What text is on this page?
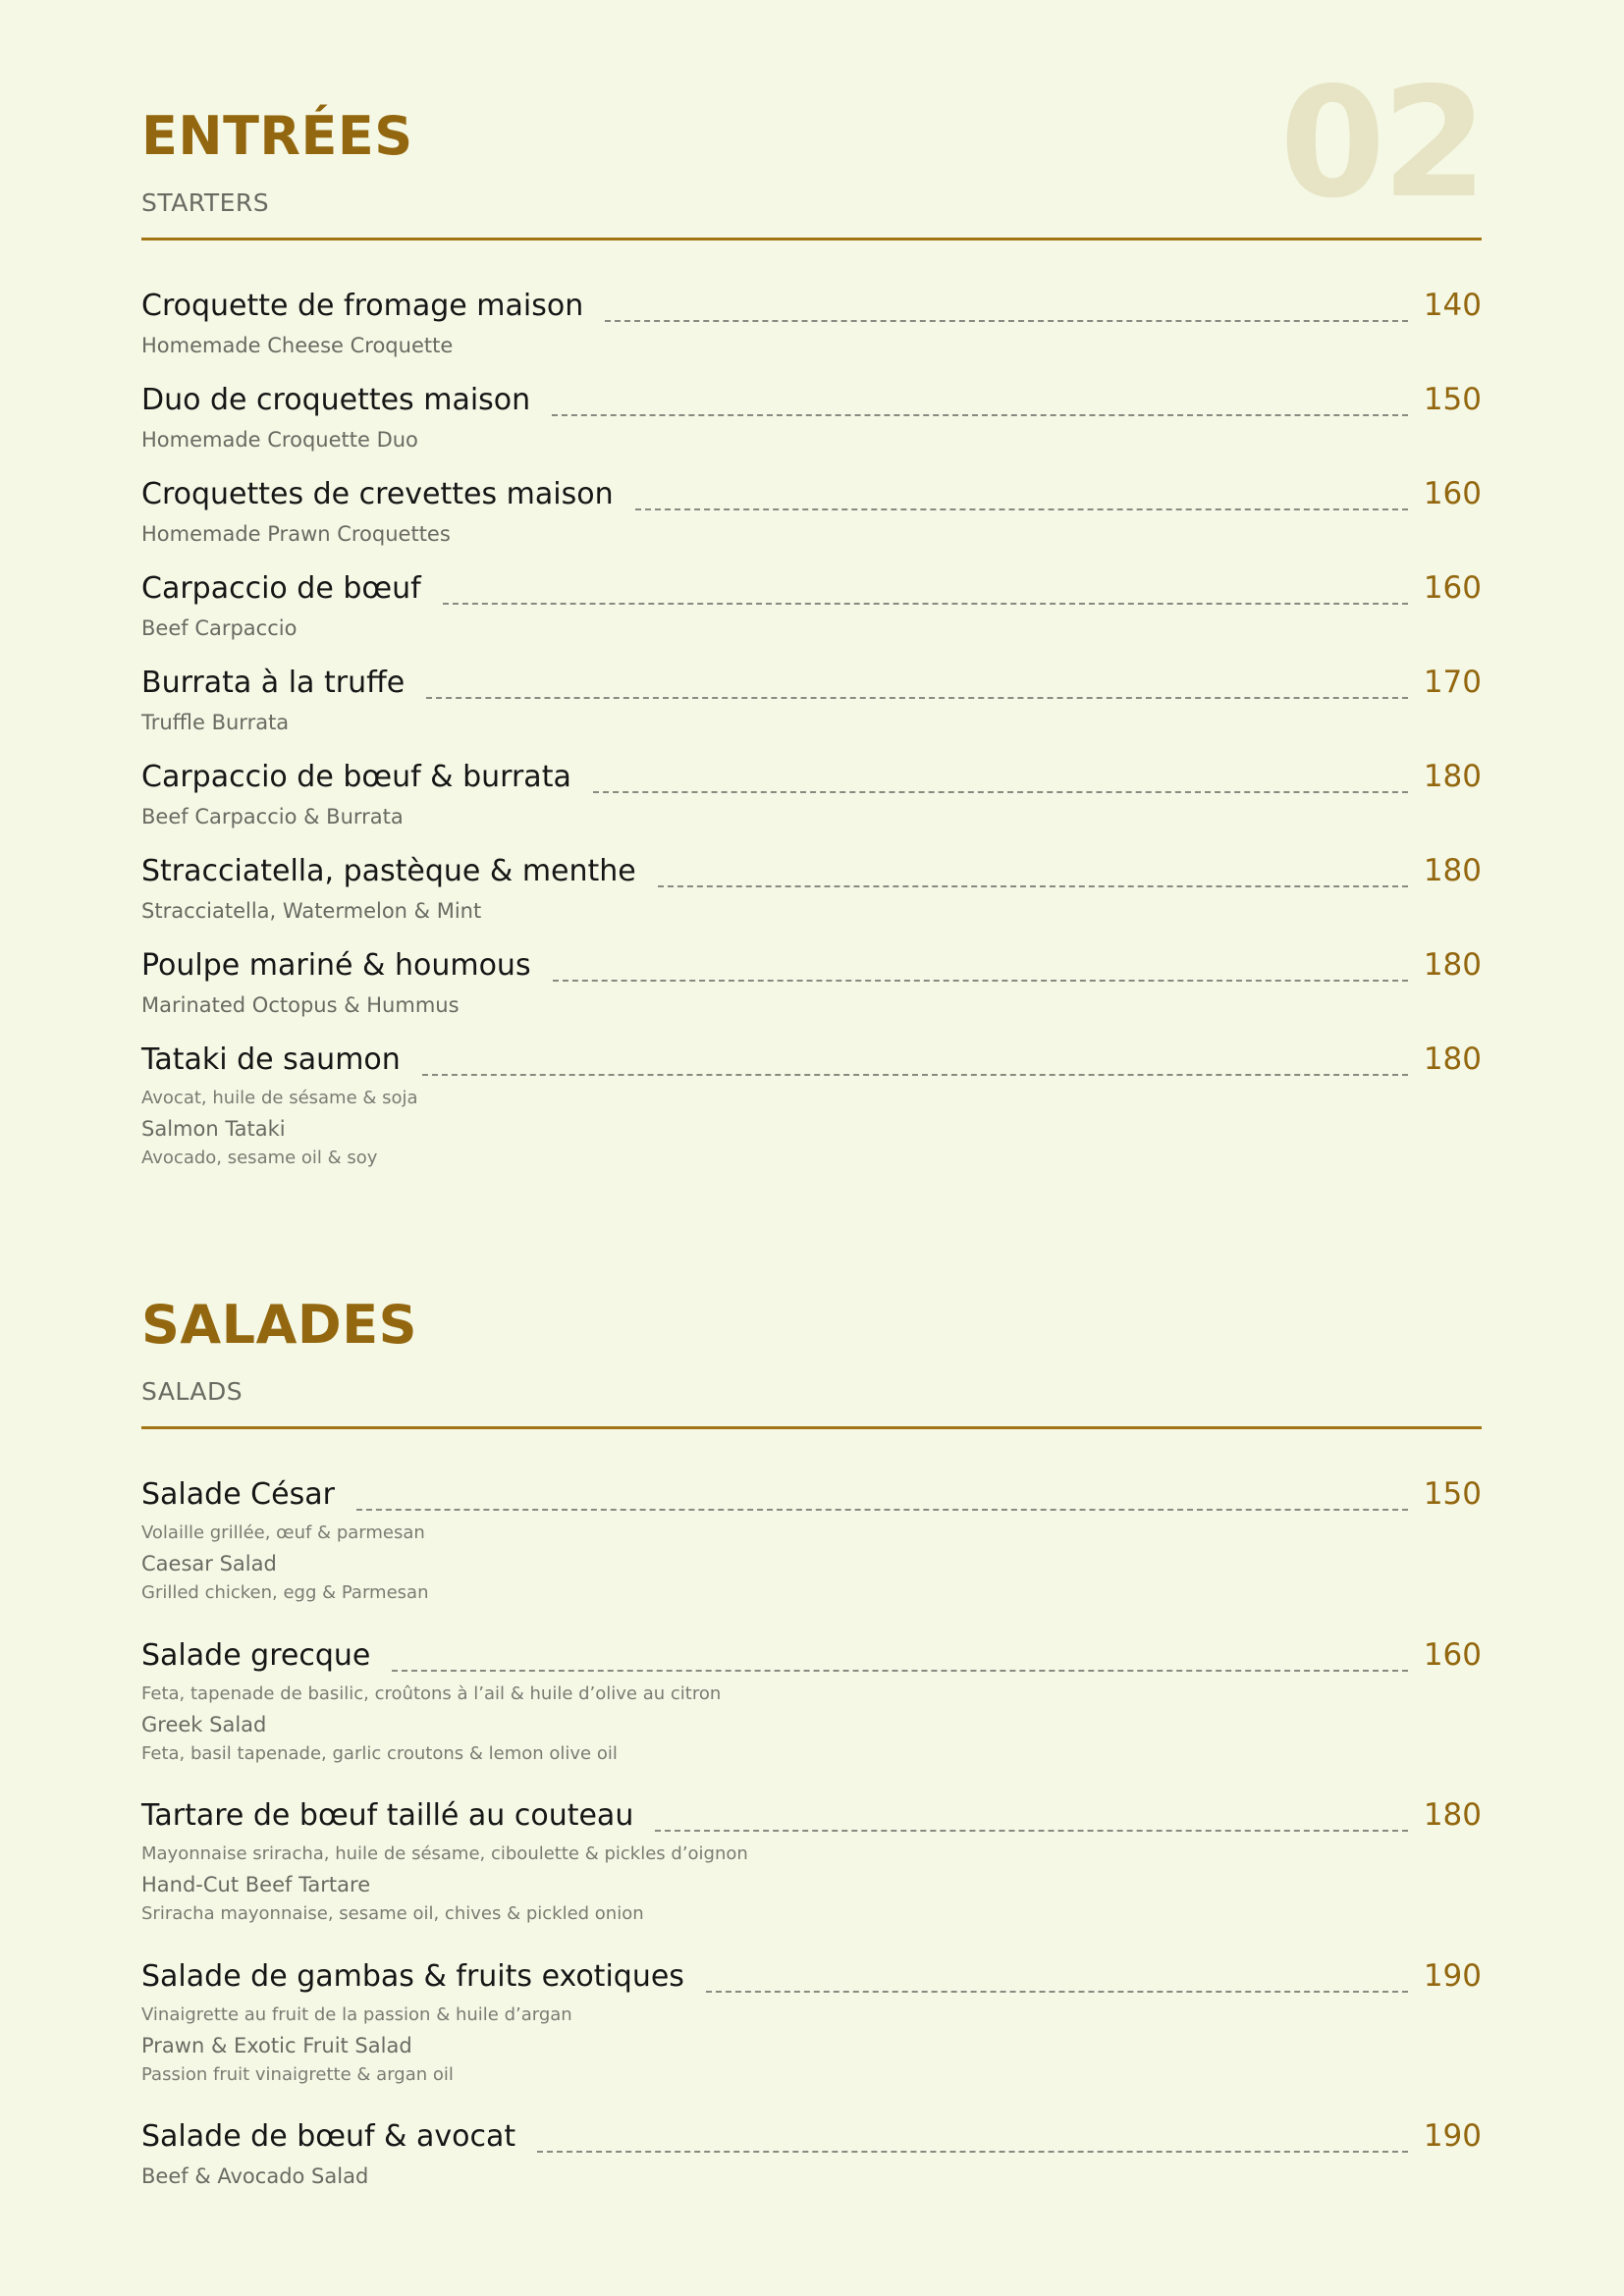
02
ENTRÉES
STARTERS
Croquette de fromage maison	140
Homemade Cheese Croquette
Duo de croquettes maison	150
Homemade Croquette Duo
Croquettes de crevettes maison	160
Homemade Prawn Croquettes
Carpaccio de bœuf	160
Beef Carpaccio
Burrata à la truffe	170
Truffle Burrata
Carpaccio de bœuf & burrata	180
Beef Carpaccio & Burrata
Stracciatella, pastèque & menthe	180
Stracciatella, Watermelon & Mint
Poulpe mariné & houmous	180
Marinated Octopus & Hummus
Tataki de saumon	180
Avocat, huile de sésame & soja
Salmon Tataki
Avocado, sesame oil & soy
SALADES
SALADS
Salade César	150
Volaille grillée, œuf & parmesan
Caesar Salad
Grilled chicken, egg & Parmesan
Salade grecque	160
Feta, tapenade de basilic, croûtons à l’ail & huile d’olive au citron
Greek Salad
Feta, basil tapenade, garlic croutons & lemon olive oil
Tartare de bœuf taillé au couteau	180
Mayonnaise sriracha, huile de sésame, ciboulette & pickles d’oignon
Hand-Cut Beef Tartare
Sriracha mayonnaise, sesame oil, chives & pickled onion
Salade de gambas & fruits exotiques	190
Vinaigrette au fruit de la passion & huile d’argan
Prawn & Exotic Fruit Salad
Passion fruit vinaigrette & argan oil
Salade de bœuf & avocat	190
Beef & Avocado Salad
